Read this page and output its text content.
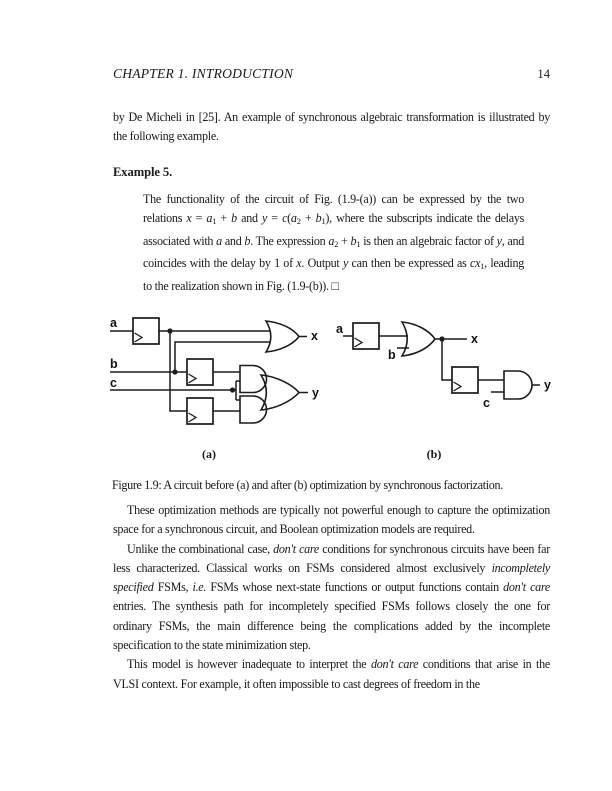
CHAPTER 1. INTRODUCTION	14

by De Micheli in [25]. An example of synchronous algebraic transformation is illustrated by the following example.

Example 5.

The functionality of the circuit of Fig. (1.9-(a)) can be expressed by the two relations x = a1 + b and y = c(a2 + b1), where the subscripts indicate the delays associated with a and b. The expression a2 + b1 is then an algebraic factor of y, and coincides with the delay by 1 of x. Output y can then be expressed as cx1, leading to the realization shown in Fig. (1.9-(b)). □

a
b
c
x
y
a
b
x
c
y
(a)	(b)
Figure 1.9: A circuit before (a) and after (b) optimization by synchronous factorization.

These optimization methods are typically not powerful enough to capture the optimization space for a synchronous circuit, and Boolean optimization models are required.

Unlike the combinational case, don't care conditions for synchronous circuits have been far less characterized. Classical works on FSMs considered almost exclusively incompletely specified FSMs, i.e. FSMs whose next-state functions or output functions contain don't care entries. The synthesis path for incompletely specified FSMs follows closely the one for ordinary FSMs, the main difference being the complications added by the incomplete specification to the state minimization step.

This model is however inadequate to interpret the don't care conditions that arise in the VLSI context. For example, it often impossible to cast degrees of freedom in the
